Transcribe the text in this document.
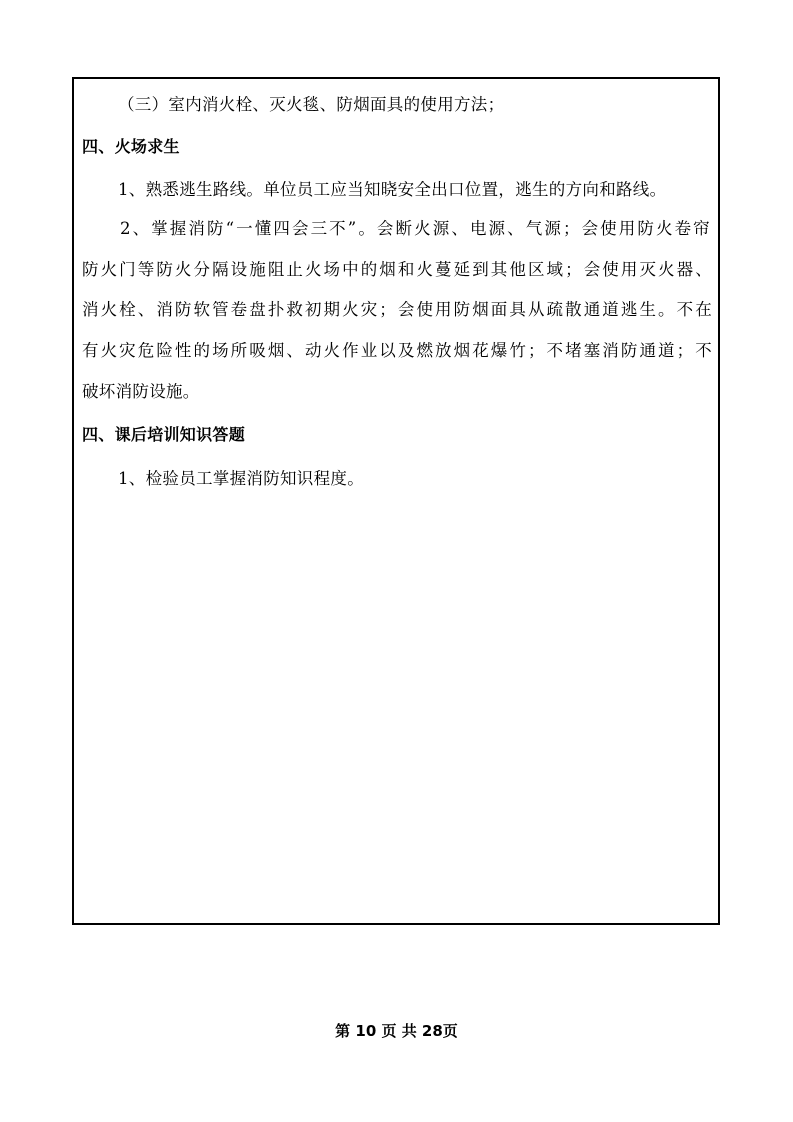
（三）室内消火栓、灭火毯、防烟面具的使用方法；
四、火场求生
1、熟悉逃生路线。单位员工应当知晓安全出口位置，逃生的方向和路线。
2、掌握消防“一懂四会三不”。会断火源、电源、气源；会使用防火卷帘
防火门等防火分隔设施阻止火场中的烟和火蔓延到其他区域；会使用灭火器、
消火栓、消防软管卷盘扑救初期火灾；会使用防烟面具从疏散通道逃生。不在
有火灾危险性的场所吸烟、动火作业以及燃放烟花爆竹；不堵塞消防通道；不
破坏消防设施。
四、课后培训知识答题
1、检验员工掌握消防知识程度。
第 10 页 共 28页
